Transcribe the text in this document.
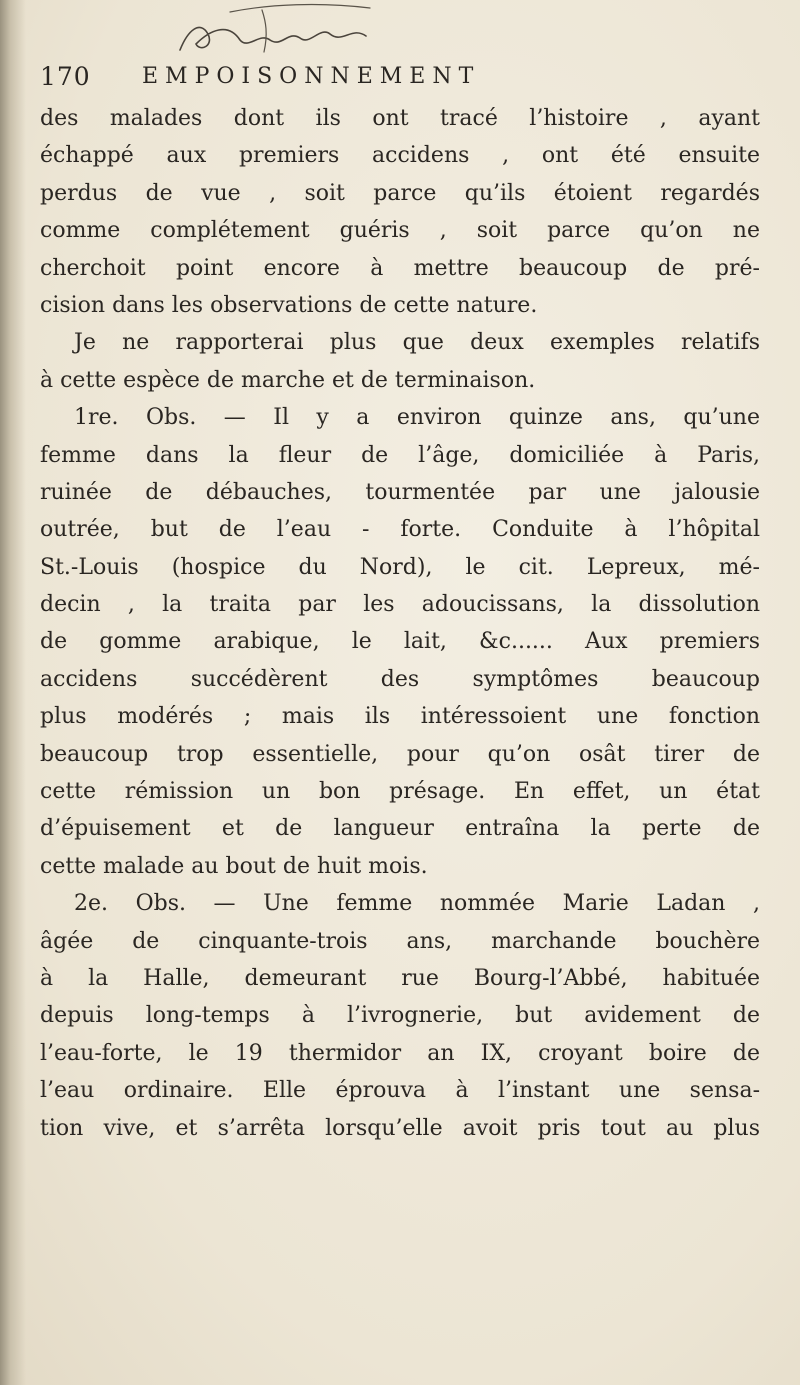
170 EMPOISONNEMENT
des malades dont ils ont tracé l’histoire , ayant
échappé aux premiers accidens , ont été ensuite
perdus de vue , soit parce qu’ils étoient regardés
comme complétement guéris , soit parce qu’on ne
cherchoit point encore à mettre beaucoup de pré-
cision dans les observations de cette nature.
Je ne rapporterai plus que deux exemples relatifs
à cette espèce de marche et de terminaison.
1re. Obs. — Il y a environ quinze ans, qu’une
femme dans la fleur de l’âge, domiciliée à Paris,
ruinée de débauches, tourmentée par une jalousie
outrée, but de l’eau - forte. Conduite à l’hôpital
St.-Louis (hospice du Nord), le cit. Lepreux, mé-
decin , la traita par les adoucissans, la dissolution
de gomme arabique, le lait, &c...... Aux premiers
accidens succédèrent des symptômes beaucoup
plus modérés ; mais ils intéressoient une fonction
beaucoup trop essentielle, pour qu’on osât tirer de
cette rémission un bon présage. En effet, un état
d’épuisement et de langueur entraîna la perte de
cette malade au bout de huit mois.
2e. Obs. — Une femme nommée Marie Ladan ,
âgée de cinquante-trois ans, marchande bouchère
à la Halle, demeurant rue Bourg-l’Abbé, habituée
depuis long-temps à l’ivrognerie, but avidement de
l’eau-forte, le 19 thermidor an IX, croyant boire de
l’eau ordinaire. Elle éprouva à l’instant une sensa-
tion vive, et s’arrêta lorsqu’elle avoit pris tout au plus
